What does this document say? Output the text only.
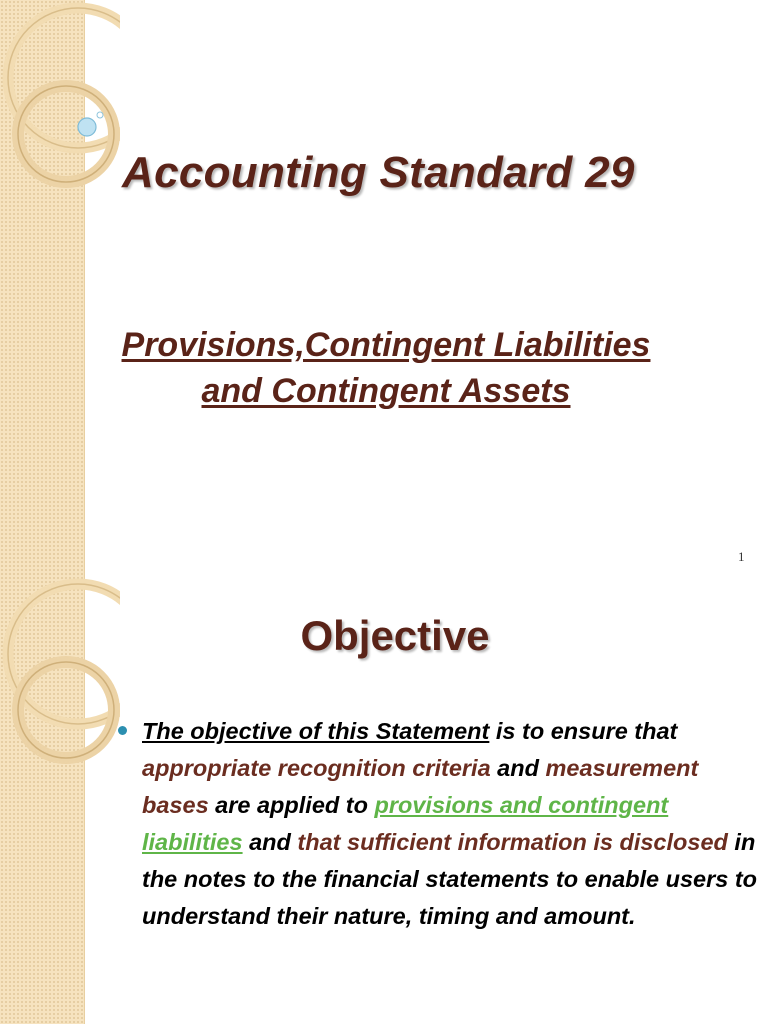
Accounting Standard 29
Provisions,Contingent Liabilities and Contingent Assets
1
Objective

The objective of this Statement is to ensure that appropriate recognition criteria and measurement bases are applied to provisions and contingent liabilities and that sufficient information is disclosed in the notes to the financial statements to enable users to understand their nature, timing and amount.
